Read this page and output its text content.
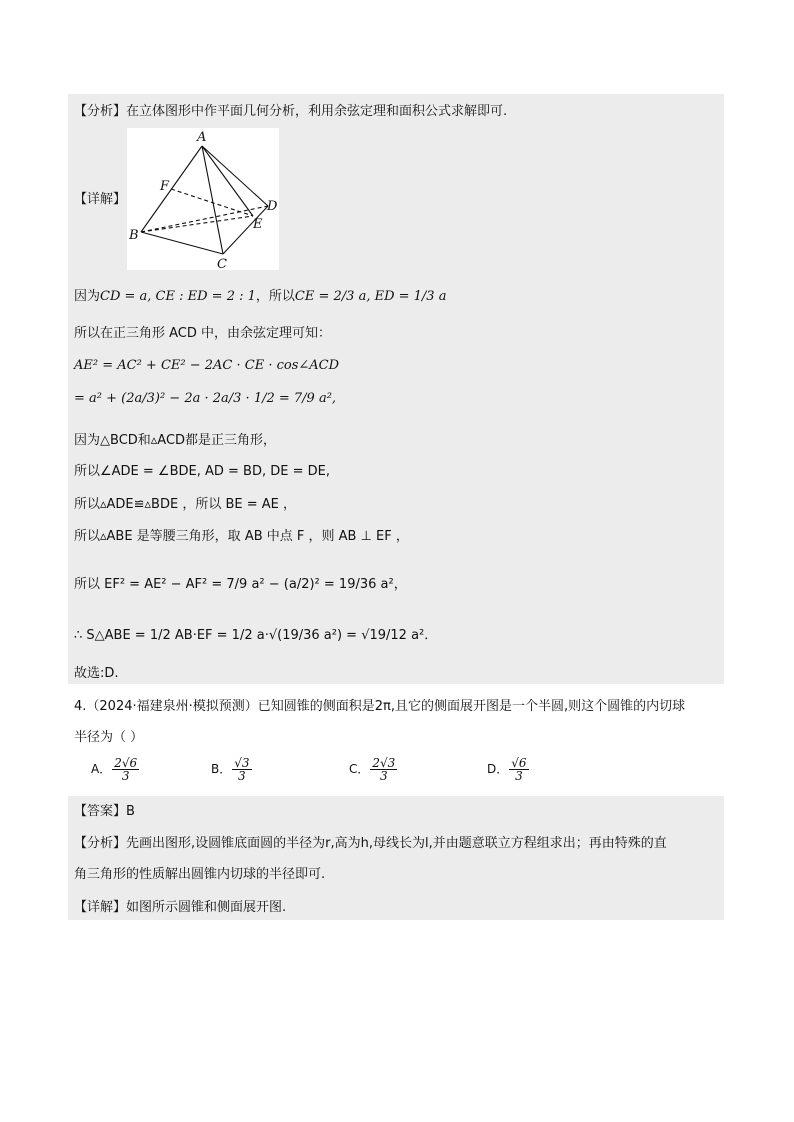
【分析】在立体图形中作平面几何分析，利用余弦定理和面积公式求解即可.
A
F
D
E
B
C
【详解】
因为CD = a, CE : ED = 2 : 1，所以CE = 2/3 a, ED = 1/3 a
所以在正三角形 ACD 中，由余弦定理可知：
AE² = AC² + CE² − 2AC · CE · cos∠ACD
= a² + (2a/3)² − 2a · 2a/3 · 1/2 = 7/9 a²,
因为△BCD和▵ACD都是正三角形，
所以∠ADE = ∠BDE, AD = BD, DE = DE,
所以▵ADE≌▵BDE ，所以 BE = AE ，
所以▵ABE 是等腰三角形，取 AB 中点 F ，则 AB ⊥ EF ，
所以 EF² = AE² − AF² = 7/9 a² − (a/2)² = 19/36 a²，
∴ S△ABE = 1/2 AB·EF = 1/2 a·√(19/36 a²) = √19/12 a²．
故选:D.
4.（2024·福建泉州·模拟预测）已知圆锥的侧面积是2π,且它的侧面展开图是一个半圆,则这个圆锥的内切球
半径为（ ）
A． $\frac{2√6}{3}$	B． $\frac{√3}{3}$	C． $\frac{2√3}{3}$	D． $\frac{√6}{3}$
【答案】B
【分析】先画出图形,设圆锥底面圆的半径为r,高为h,母线长为l,并由题意联立方程组求出；再由特殊的直
角三角形的性质解出圆锥内切球的半径即可.
【详解】如图所示圆锥和侧面展开图.
